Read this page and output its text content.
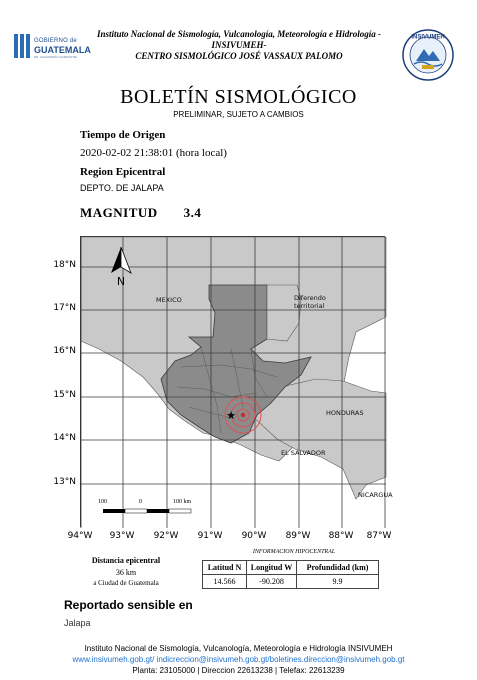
GOBIERNO de
GUATEMALA
DR. ALEJANDRO GIAMMATTEI
Instituto Nacional de Sismología, Vulcanología, Meteorología e Hidrología -
INSIVUMEH-
CENTRO SISMOLÓGICO JOSÉ VASSAUX PALOMO
INSIVUMEH
BOLETÍN SISMOLÓGICO
PRELIMINAR, SUJETO A CAMBIOS
Tiempo de Origen
2020-02-02 21:38:01 (hora local)
Region Epicentral
DEPTO. DE JALAPA
MAGNITUD 3.4
N
MEXICO	Diferendo
territorial
HONDURAS
EL SALVADOR
NICARGUA
★
100	0	100 km
18°N
17°N
16°N
15°N
14°N
13°N
94°W	93°W	92°W	91°W	90°W	89°W	88°W	87°W
Distancia epicentral
36 km
a Ciudad de Guatemala
INFORMACION HIPOCENTRAL
Latitud N	Longitud W	Profundidad (km)
14.566	-90.208	9.9
Reportado sensible en
Jalapa
Instituto Nacional de Sismología, Vulcanología, Meteorología e Hidrología INSIVUMEH
www.insivumeh.gob.gt/ indicreccion@insivumeh.gob.gt/boletines.direccion@insivumeh.gob.gt
Planta: 23105000 | Direccion 22613238 | Telefax: 22613239
